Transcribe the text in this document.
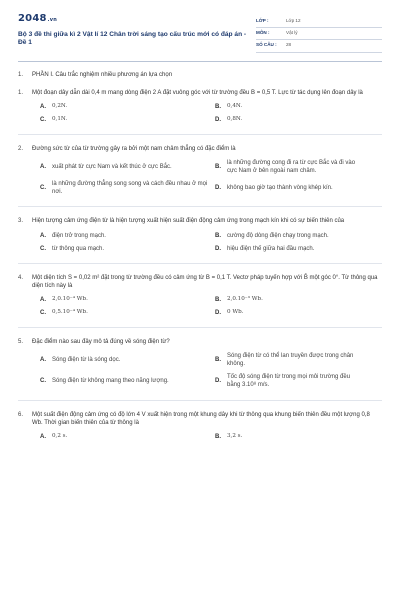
2048.vn
Bộ 3 đề thi giữa kì 2 Vật lí 12 Chân trời sáng tạo cấu trúc mới có đáp án - Đề 1
LỚP :	Lớp 12
MÔN :	Vật lý
SỐ CÂU :	28
1.	PHẦN I. Câu trắc nghiệm nhiều phương án lựa chọn
1.	Một đoạn dây dẫn dài 0,4 m mang dòng điện 2 A đặt vuông góc với từ trường đều B = 0,5 T. Lực từ tác dụng lên đoạn dây là
A.	0,2N.	B.	0,4N.
C.	0,1N.	D.	0,8N.
2.	Đường sức từ của từ trường gây ra bởi một nam châm thẳng có đặc điểm là
A.	xuất phát từ cực Nam và kết thúc ở cực Bắc.	B.
là những đường cong đi ra từ cực Bắc và đi vào cực Nam ở bên ngoài nam châm.
C.
là những đường thẳng song song và cách đều nhau ở mọi nơi.
D.	không bao giờ tạo thành vòng khép kín.
3.	Hiện tượng cảm ứng điện từ là hiện tượng xuất hiện suất điện động cảm ứng trong mạch kín khi có sự biến thiên của
A.	điện trở trong mạch.	B.	cường độ dòng điện chạy trong mạch.
C.	từ thông qua mạch.	D.	hiệu điện thế giữa hai đầu mạch.
4.	Một diện tích S = 0,02 m² đặt trong từ trường đều có cảm ứng từ B = 0,1 T. Vectơ pháp tuyến hợp với B̄ một góc 0°. Từ thông qua diện tích này là
A.	2,0.10⁻⁴ Wb.	B.	2,0.10⁻³ Wb.
C.	0,5.10⁻⁴ Wb.	D.	0 Wb.
5.	Đặc điểm nào sau đây mô tả đúng về sóng điện từ?
A.	Sóng điện từ là sóng dọc.	B.
Sóng điện từ có thể lan truyền được trong chân không.
C.	Sóng điện từ không mang theo năng lượng.	D.
Tốc độ sóng điện từ trong mọi môi trường đều bằng 3.10⁸ m/s.
6.	Một suất điện động cảm ứng có độ lớn 4 V xuất hiện trong một khung dây khi từ thông qua khung biến thiên đều một lượng 0,8 Wb. Thời gian biến thiên của từ thông là
A.	0,2 s.	B.	3,2 s.
